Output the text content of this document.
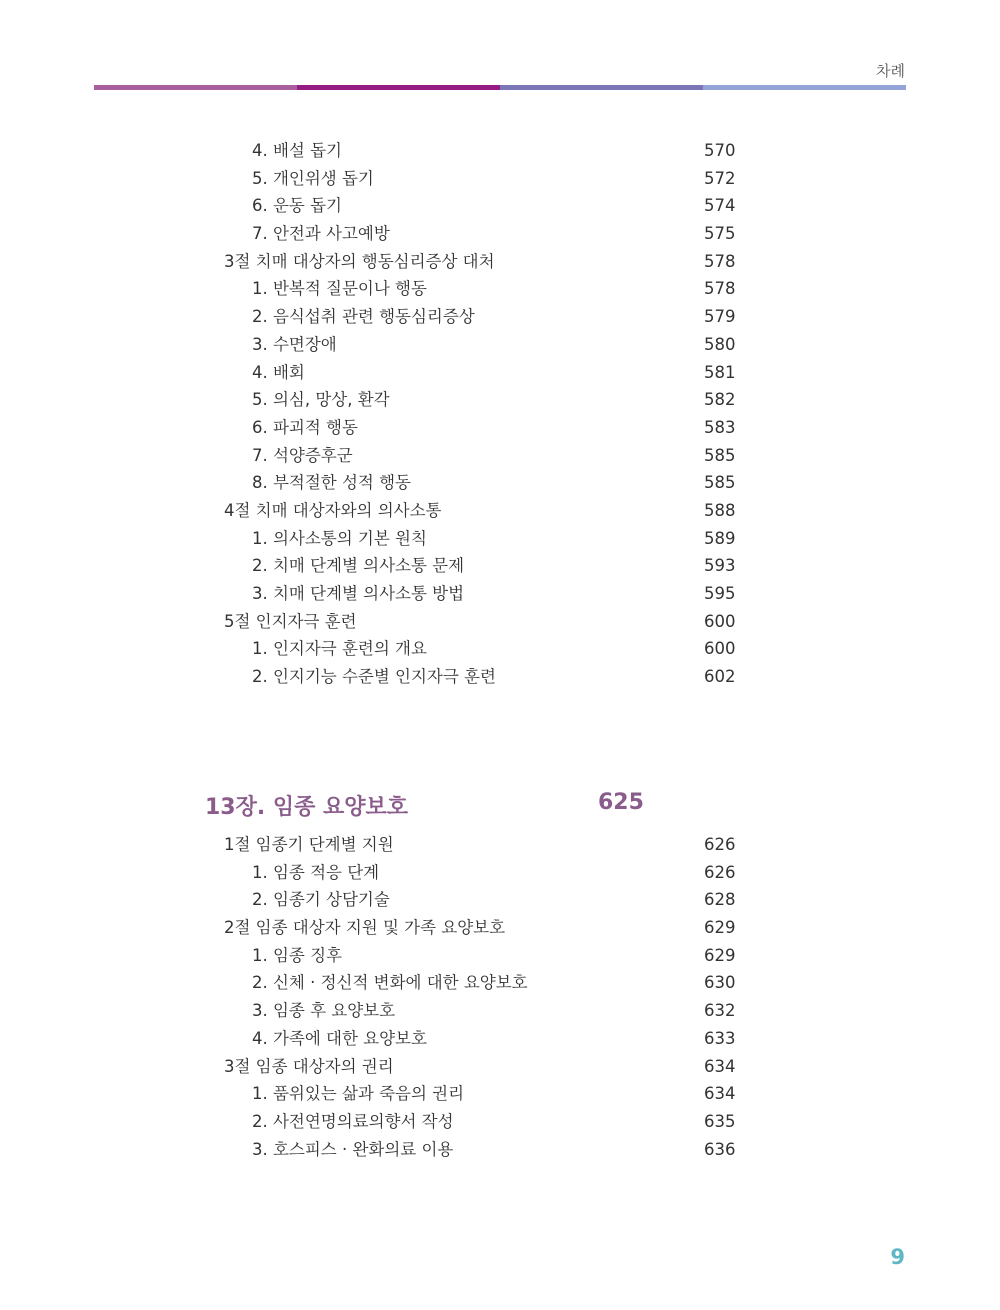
차례
4. 배설 돕기	570
5. 개인위생 돕기	572
6. 운동 돕기	574
7. 안전과 사고예방	575
3절 치매 대상자의 행동심리증상 대처	578
1. 반복적 질문이나 행동	578
2. 음식섭취 관련 행동심리증상	579
3. 수면장애	580
4. 배회	581
5. 의심, 망상, 환각	582
6. 파괴적 행동	583
7. 석양증후군	585
8. 부적절한 성적 행동	585
4절 치매 대상자와의 의사소통	588
1. 의사소통의 기본 원칙	589
2. 치매 단계별 의사소통 문제	593
3. 치매 단계별 의사소통 방법	595
5절 인지자극 훈련	600
1. 인지자극 훈련의 개요	600
2. 인지기능 수준별 인지자극 훈련	602
13장. 임종 요양보호	625
1절 임종기 단계별 지원	626
1. 임종 적응 단계	626
2. 임종기 상담기술	628
2절 임종 대상자 지원 및 가족 요양보호	629
1. 임종 징후	629
2. 신체 · 정신적 변화에 대한 요양보호	630
3. 임종 후 요양보호	632
4. 가족에 대한 요양보호	633
3절 임종 대상자의 권리	634
1. 품위있는 삶과 죽음의 권리	634
2. 사전연명의료의향서 작성	635
3. 호스피스 · 완화의료 이용	636
9
